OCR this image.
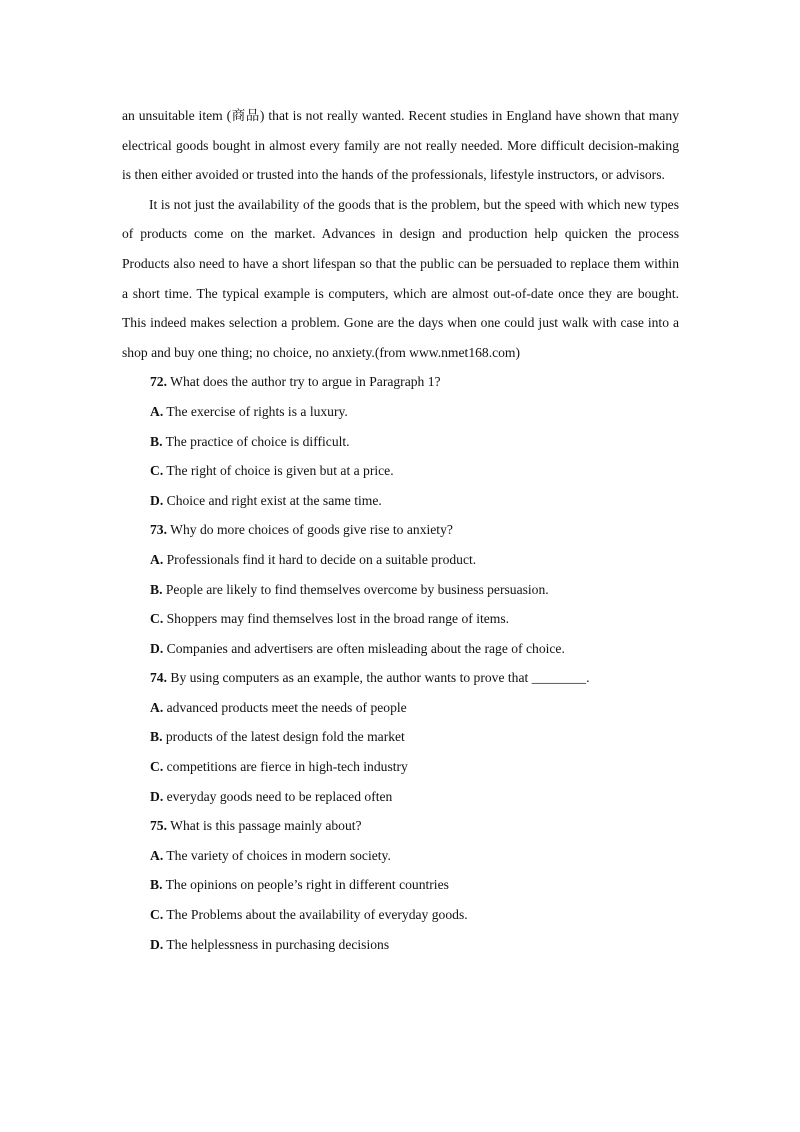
an unsuitable item (商品) that is not really wanted. Recent studies in England have shown that many electrical goods bought in almost every family are not really needed. More difficult decision-making is then either avoided or trusted into the hands of the professionals, lifestyle instructors, or advisors.

It is not just the availability of the goods that is the problem, but the speed with which new types of products come on the market. Advances in design and production help quicken the process Products also need to have a short lifespan so that the public can be persuaded to replace them within a short time. The typical example is computers, which are almost out-of-date once they are bought. This indeed makes selection a problem. Gone are the days when one could just walk with case into a shop and buy one thing; no choice, no anxiety.(from www.nmet168.com)

72. What does the author try to argue in Paragraph 1?

A. The exercise of rights is a luxury.

B. The practice of choice is difficult.

C. The right of choice is given but at a price.

D. Choice and right exist at the same time.

73. Why do more choices of goods give rise to anxiety?

A. Professionals find it hard to decide on a suitable product.

B. People are likely to find themselves overcome by business persuasion.

C. Shoppers may find themselves lost in the broad range of items.

D. Companies and advertisers are often misleading about the rage of choice.

74. By using computers as an example, the author wants to prove that ________.

A. advanced products meet the needs of people

B. products of the latest design fold the market

C. competitions are fierce in high-tech industry

D. everyday goods need to be replaced often

75. What is this passage mainly about?

A. The variety of choices in modern society.

B. The opinions on people’s right in different countries

C. The Problems about the availability of everyday goods.

D. The helplessness in purchasing decisions
